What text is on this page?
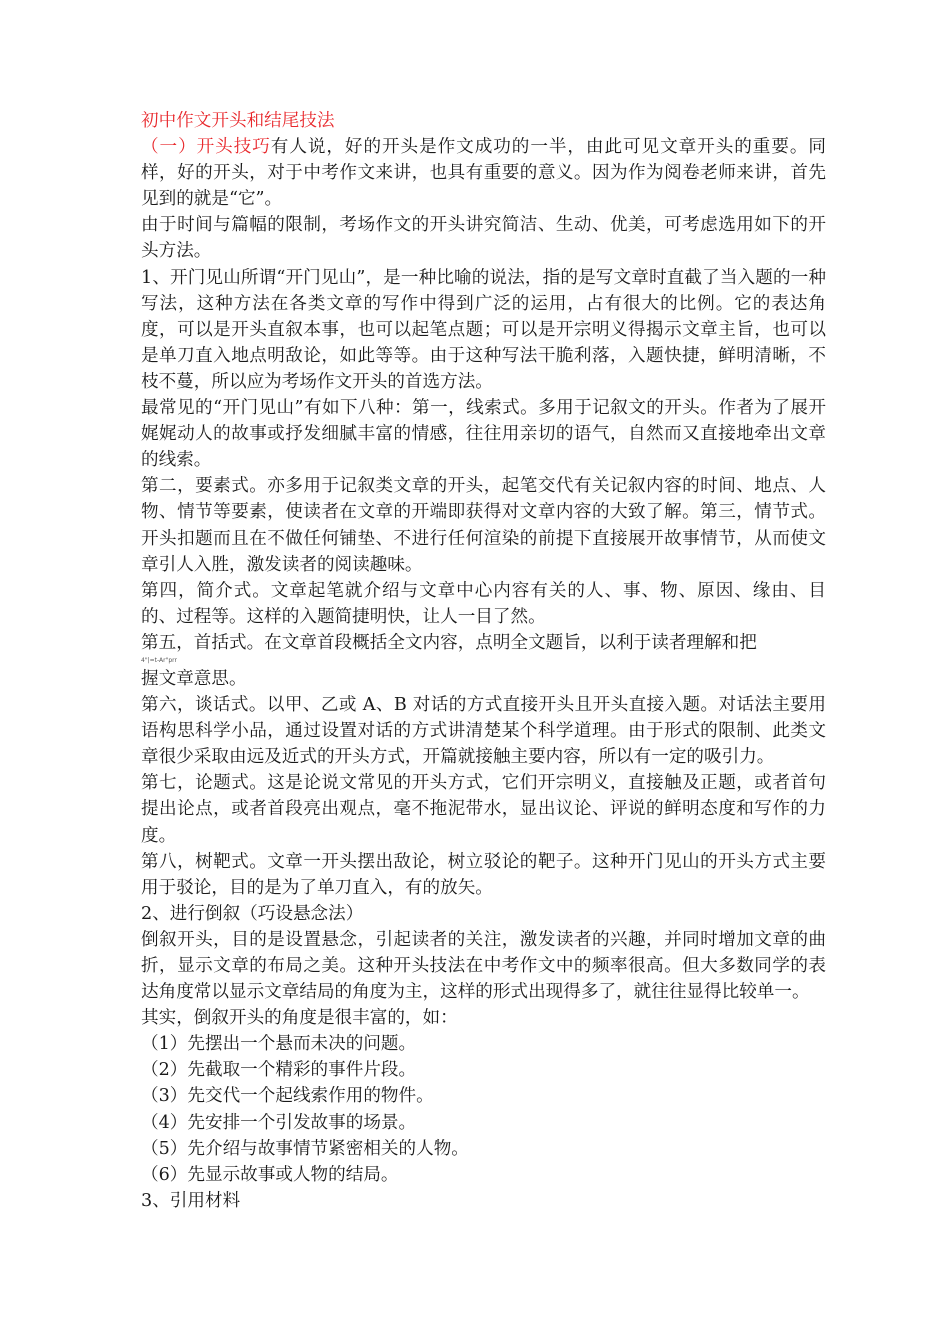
初中作文开头和结尾技法

（一）开头技巧有人说，好的开头是作文成功的一半，由此可见文章开头的重要。同样，好的开头，对于中考作文来讲，也具有重要的意义。因为作为阅卷老师来讲，首先见到的就是“它”。

由于时间与篇幅的限制，考场作文的开头讲究简洁、生动、优美，可考虑选用如下的开头方法。

1、开门见山所谓“开门见山”，是一种比喻的说法，指的是写文章时直截了当入题的一种写法，这种方法在各类文章的写作中得到广泛的运用，占有很大的比例。它的表达角度，可以是开头直叙本事，也可以起笔点题；可以是开宗明义得揭示文章主旨，也可以是单刀直入地点明敌论，如此等等。由于这种写法干脆利落，入题快捷，鲜明清晰，不枝不蔓，所以应为考场作文开头的首选方法。

最常见的“开门见山”有如下八种：第一，线索式。多用于记叙文的开头。作者为了展开娓娓动人的故事或抒发细腻丰富的情感，往往用亲切的语气，自然而又直接地牵出文章的线索。

第二，要素式。亦多用于记叙类文章的开头，起笔交代有关记叙内容的时间、地点、人物、情节等要素，使读者在文章的开端即获得对文章内容的大致了解。第三，情节式。开头扣题而且在不做任何铺垫、不进行任何渲染的前提下直接展开故事情节，从而使文章引人入胜，激发读者的阅读趣味。

第四，简介式。文章起笔就介绍与文章中心内容有关的人、事、物、原因、缘由、目的、过程等。这样的入题简捷明快，让人一目了然。

第五，首括式。在文章首段概括全文内容，点明全文题旨，以利于读者理解和把

4"|=t-Ar"prr

握文章意思。

第六，谈话式。以甲、乙或 A、B 对话的方式直接开头且开头直接入题。对话法主要用语构思科学小品，通过设置对话的方式讲清楚某个科学道理。由于形式的限制、此类文章很少采取由远及近式的开头方式，开篇就接触主要内容，所以有一定的吸引力。

第七，论题式。这是论说文常见的开头方式，它们开宗明义，直接触及正题，或者首句提出论点，或者首段亮出观点，毫不拖泥带水，显出议论、评说的鲜明态度和写作的力度。

第八，树靶式。文章一开头摆出敌论，树立驳论的靶子。这种开门见山的开头方式主要用于驳论，目的是为了单刀直入，有的放矢。

2、进行倒叙（巧设悬念法）

倒叙开头，目的是设置悬念，引起读者的关注，激发读者的兴趣，并同时增加文章的曲折，显示文章的布局之美。这种开头技法在中考作文中的频率很高。但大多数同学的表达角度常以显示文章结局的角度为主，这样的形式出现得多了，就往往显得比较单一。

其实，倒叙开头的角度是很丰富的，如：

（1）先摆出一个悬而未决的问题。

（2）先截取一个精彩的事件片段。

（3）先交代一个起线索作用的物件。

（4）先安排一个引发故事的场景。

（5）先介绍与故事情节紧密相关的人物。

（6）先显示故事或人物的结局。

3、引用材料
